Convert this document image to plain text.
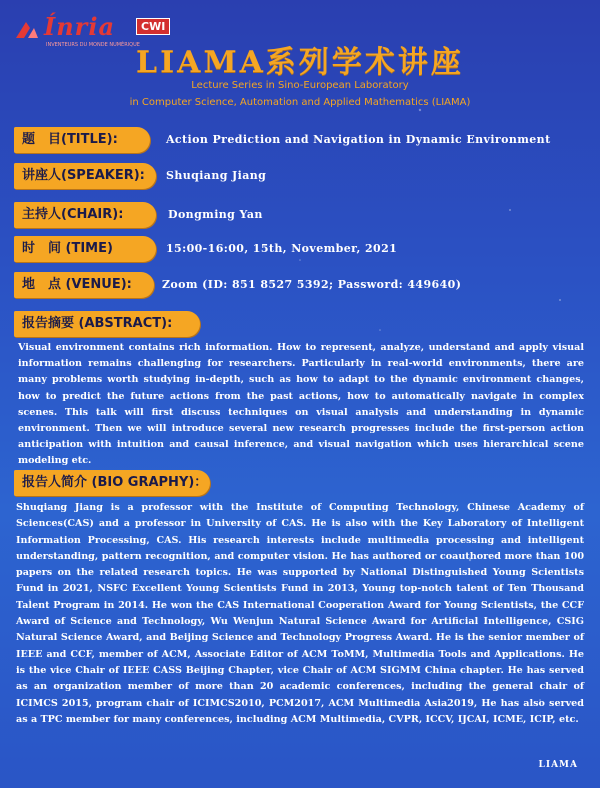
Ínria
INVENTEURS DU MONDE NUMÉRIQUE
CWI
LIAMA系列学术讲座
Lecture Series in Sino-European Laboratory
in Computer Science, Automation and Applied Mathematics (LIAMA)
题　目(TITLE):	Action Prediction and Navigation in Dynamic Environment
讲座人(SPEAKER):	Shuqiang Jiang
主持人(CHAIR):	Dongming Yan
时　间 (TIME)	15:00-16:00, 15th, November, 2021
地　点 (VENUE):	Zoom (ID: 851 8527 5392; Password: 449640)
报告摘要 (ABSTRACT):

Visual environment contains rich information. How to represent, analyze, understand and apply visual information remains challenging for researchers. Particularly in real-world environments, there are many problems worth studying in-depth, such as how to adapt to the dynamic environment changes, how to predict the future actions from the past actions, how to automatically navigate in complex scenes. This talk will first discuss techniques on visual analysis and understanding in dynamic environment. Then we will introduce several new research progresses include the first-person action anticipation with intuition and causal inference, and visual navigation which uses hierarchical scene modeling etc.

报告人简介 (BIO GRAPHY)：

Shuqiang Jiang is a professor with the Institute of Computing Technology, Chinese Academy of Sciences(CAS) and a professor in University of CAS. He is also with the Key Laboratory of Intelligent Information Processing, CAS. His research interests include multimedia processing and intelligent understanding, pattern recognition, and computer vision. He has authored or coauthored more than 100 papers on the related research topics. He was supported by National Distinguished Young Scientists Fund in 2021, NSFC Excellent Young Scientists Fund in 2013, Young top-notch talent of Ten Thousand Talent Program in 2014. He won the CAS International Cooperation Award for Young Scientists, the CCF Award of Science and Technology, Wu Wenjun Natural Science Award for Artificial Intelligence, CSIG Natural Science Award, and Beijing Science and Technology Progress Award. He is the senior member of IEEE and CCF, member of ACM, Associate Editor of ACM ToMM, Multimedia Tools and Applications. He is the vice Chair of IEEE CASS Beijing Chapter, vice Chair of ACM SIGMM China chapter. He has served as an organization member of more than 20 academic conferences, including the general chair of ICIMCS 2015, program chair of ICIMCS2010, PCM2017, ACM Multimedia Asia2019, He has also served as a TPC member for many conferences, including ACM Multimedia, CVPR, ICCV, IJCAI, ICME, ICIP, etc.

LIAMA
